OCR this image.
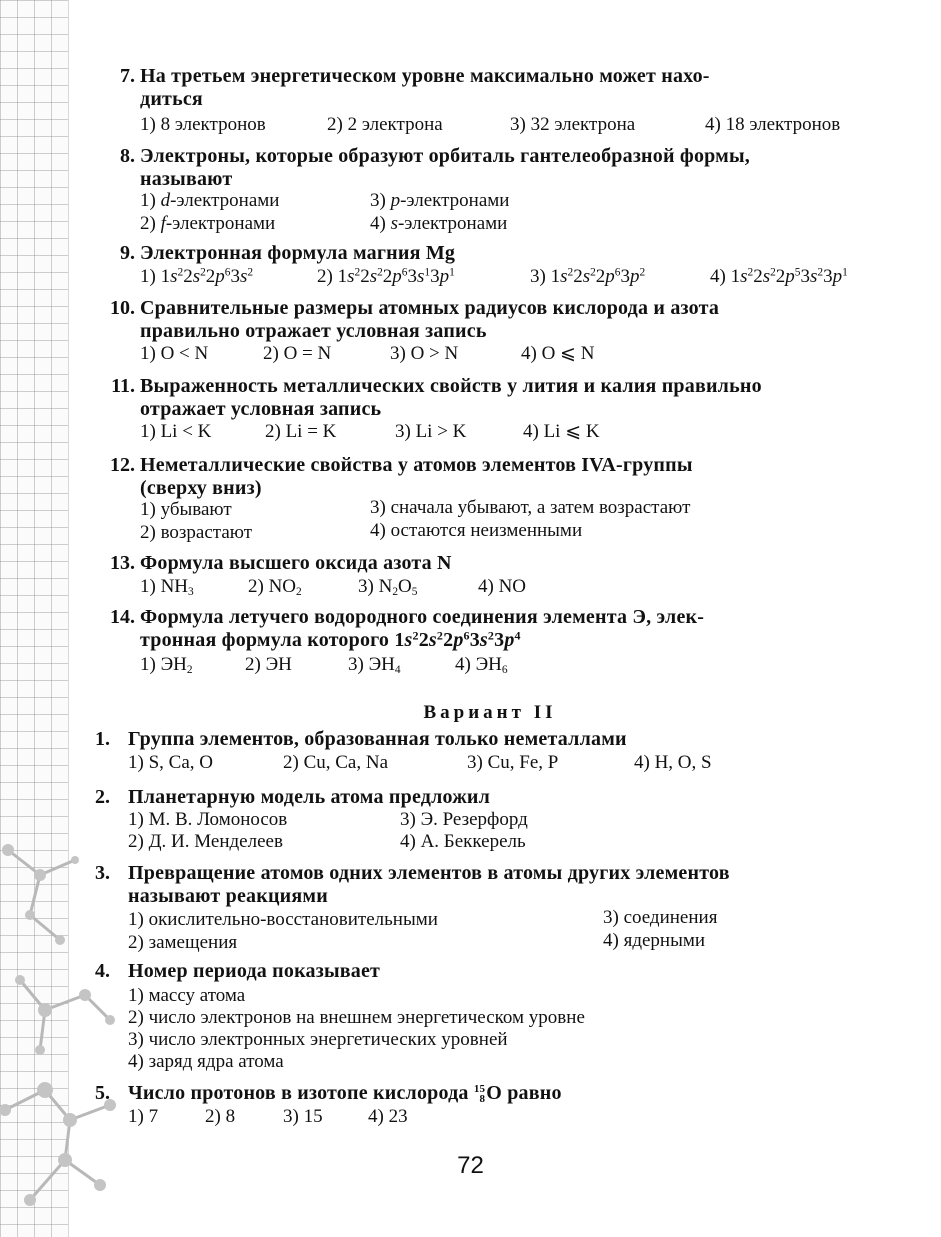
7. На третьем энергетическом уровне максимально может нахо-
диться
1) 8 электронов	2) 2 электрона	3) 32 электрона	4) 18 электронов
8. Электроны, которые образуют орбиталь гантелеобразной формы,
называют
1) d-электронами	3) p-электронами
2) f-электронами	4) s-электронами
9. Электронная формула магния Mg
1) $1s^22s^22p^63s^2$	2) $1s^22s^22p^63s^13p^1$	3) $1s^22s^22p^63p^2$	4) $1s^22s^22p^53s^23p^1$
10. Сравнительные размеры атомных радиусов кислорода и азота
правильно отражает условная запись
1) O < N	2) O = N	3) O > N	4) O ⩽ N
11. Выраженность металлических свойств у лития и калия правильно
отражает условная запись
1) Li < K	2) Li = K	3) Li > K	4) Li ⩽ K
12. Неметаллические свойства у атомов элементов IVA-группы
(сверху вниз)
1) убывают	3) сначала убывают, а затем возрастают
2) возрастают	4) остаются неизменными
13. Формула высшего оксида азота N
1) $NH_3$	2) $NO_2$	3) $N_2O_5$	4) NO
14. Формула летучего водородного соединения элемента Э, элек-
тронная формула которого $1s^22s^22p^63s^23p^4$
1) $ЭН_2$	2) ЭН	3) $ЭН_4$	4) $ЭН_6$
Вариант II
1. Группа элементов, образованная только неметаллами
1) S, Ca, O	2) Cu, Ca, Na	3) Cu, Fe, P	4) H, O, S
2. Планетарную модель атома предложил
1) М. В. Ломоносов	3) Э. Резерфорд
2) Д. И. Менделеев	4) А. Беккерель
3. Превращение атомов одних элементов в атомы других элементов
называют реакциями
1) окислительно-восстановительными	3) соединения
2) замещения	4) ядерными
4. Номер периода показывает
1) массу атома
2) число электронов на внешнем энергетическом уровне
3) число электронных энергетических уровней
4) заряд ядра атома
5. Число протонов в изотопе кислорода 15
8O равно
1) 7 2) 8	3) 15 4) 23
72
